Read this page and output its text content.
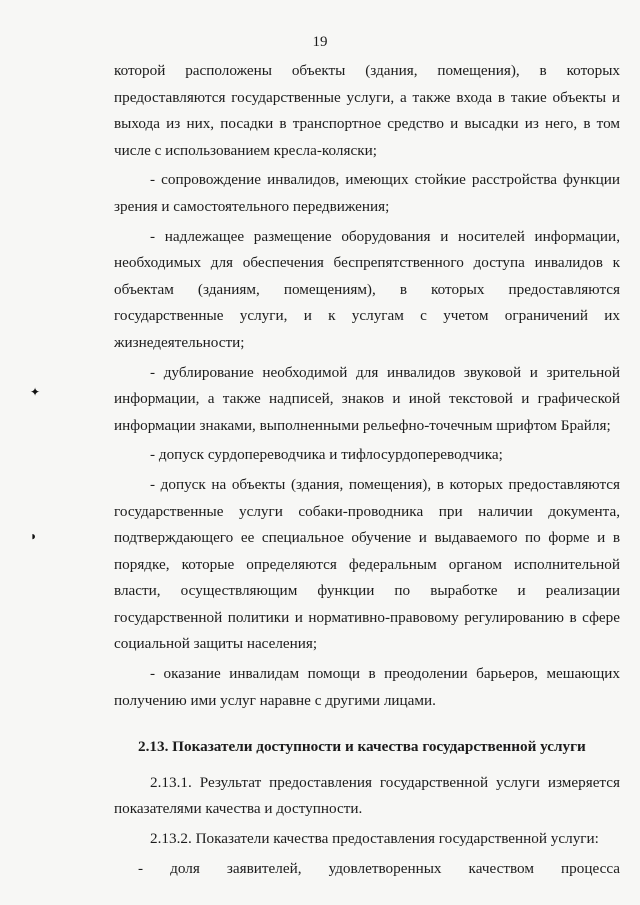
19
✦
◗

которой расположены объекты (здания, помещения), в которых предоставляются государственные услуги, а также входа в такие объекты и выхода из них, посадки в транспортное средство и высадки из него, в том числе с использованием кресла-коляски;

- сопровождение инвалидов, имеющих стойкие расстройства функции зрения и самостоятельного передвижения;

- надлежащее размещение оборудования и носителей информации, необходимых для обеспечения беспрепятственного доступа инвалидов к объектам (зданиям, помещениям), в которых предоставляются государственные услуги, и к услугам с учетом ограничений их жизнедеятельности;

- дублирование необходимой для инвалидов звуковой и зрительной информации, а также надписей, знаков и иной текстовой и графической информации знаками, выполненными рельефно-точечным шрифтом Брайля;

- допуск сурдопереводчика и тифлосурдопереводчика;

- допуск на объекты (здания, помещения), в которых предоставляются государственные услуги собаки-проводника при наличии документа, подтверждающего ее специальное обучение и выдаваемого по форме и в порядке, которые определяются федеральным органом исполнительной власти, осуществляющим функции по выработке и реализации государственной политики и нормативно-правовому регулированию в сфере социальной защиты населения;

- оказание инвалидам помощи в преодолении барьеров, мешающих получению ими услуг наравне с другими лицами.

2.13. Показатели доступности и качества государственной услуги

2.13.1. Результат предоставления государственной услуги измеряется показателями качества и доступности.

2.13.2. Показатели качества предоставления государственной услуги:

- доля заявителей, удовлетворенных качеством процесса
